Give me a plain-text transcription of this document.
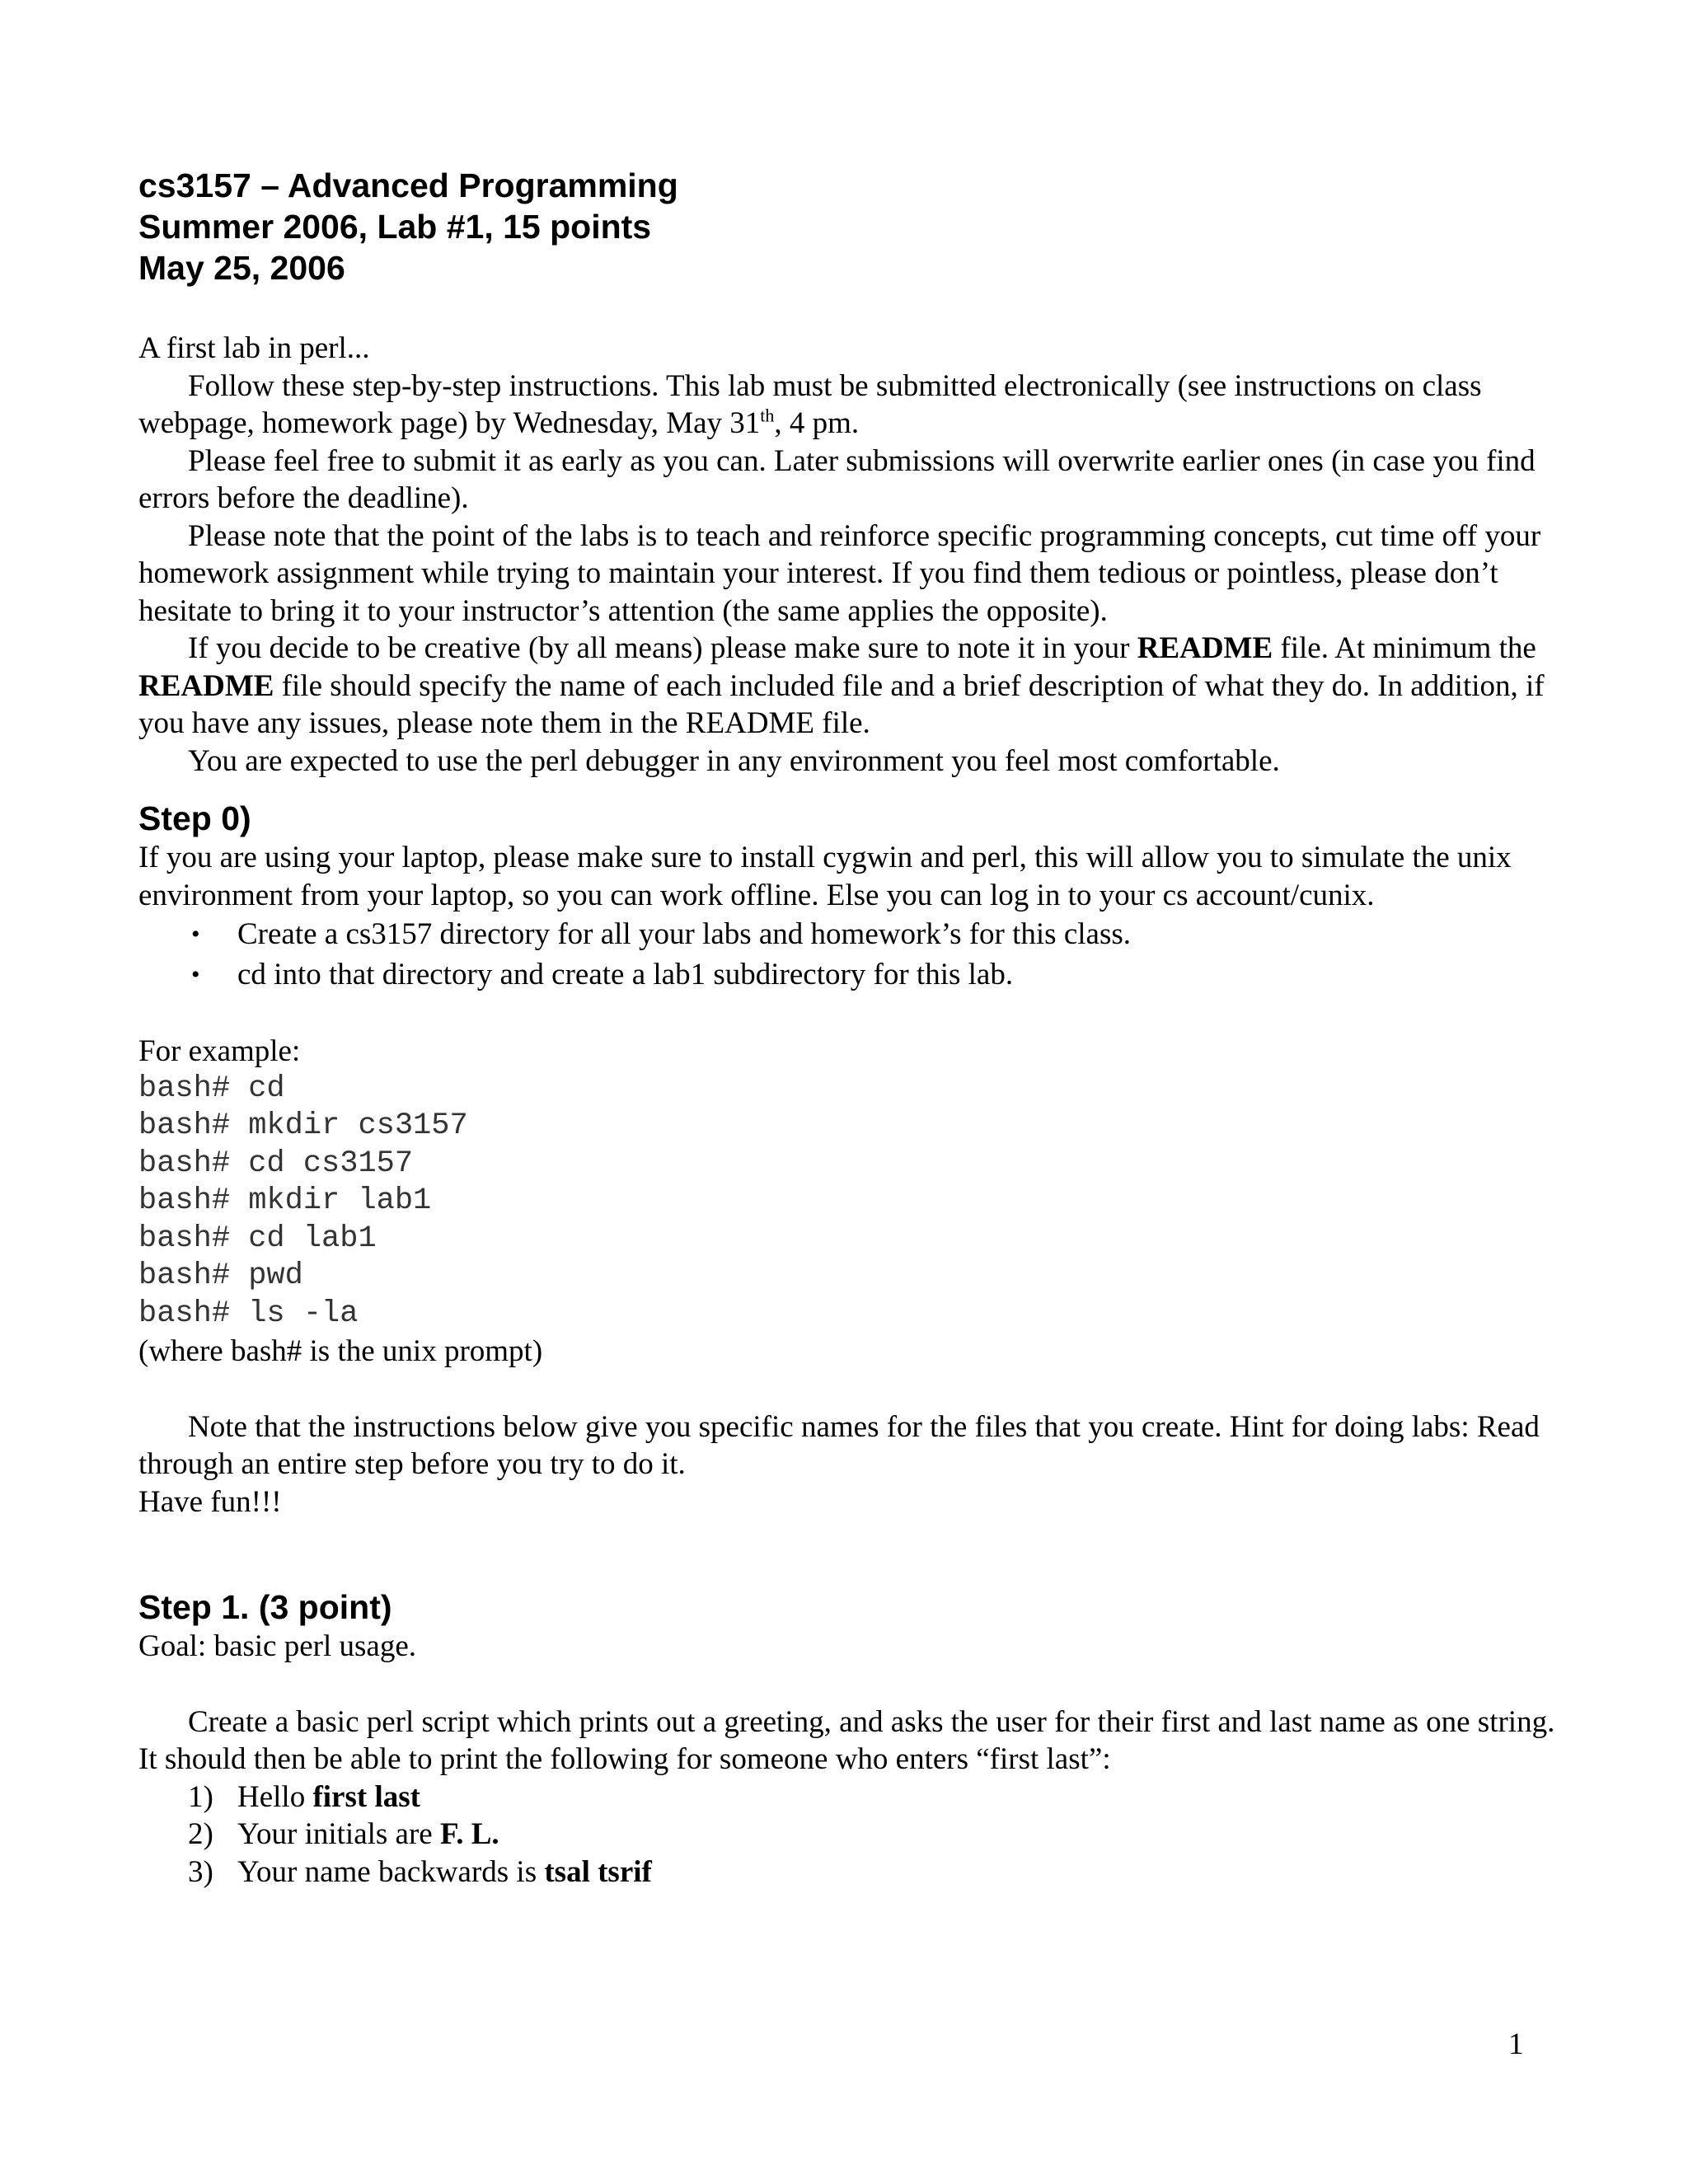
cs3157 – Advanced Programming

Summer 2006, Lab #1, 15 points

May 25, 2006

A first lab in perl...

Follow these step-by-step instructions. This lab must be submitted electronically (see instructions on class webpage, homework page) by Wednesday, May 31th, 4 pm.

Please feel free to submit it as early as you can. Later submissions will overwrite earlier ones (in case you find errors before the deadline).

Please note that the point of the labs is to teach and reinforce specific programming concepts, cut time off your homework assignment while trying to maintain your interest. If you find them tedious or pointless, please don’t hesitate to bring it to your instructor’s attention (the same applies the opposite).

If you decide to be creative (by all means) please make sure to note it in your README file. At minimum the README file should specify the name of each included file and a brief description of what they do. In addition, if you have any issues, please note them in the README file.

You are expected to use the perl debugger in any environment you feel most comfortable.

Step 0)

If you are using your laptop, please make sure to install cygwin and perl, this will allow you to simulate the unix environment from your laptop, so you can work offline. Else you can log in to your cs account/cunix.

• Create a cs3157 directory for all your labs and homework’s for this class.
• cd into that directory and create a lab1 subdirectory for this lab.

For example:

bash# cd

bash# mkdir cs3157

bash# cd cs3157

bash# mkdir lab1

bash# cd lab1

bash# pwd

bash# ls -la

(where bash# is the unix prompt)

Note that the instructions below give you specific names for the files that you create. Hint for doing labs: Read through an entire step before you try to do it.

Have fun!!!

Step 1. (3 point)

Goal: basic perl usage.

Create a basic perl script which prints out a greeting, and asks the user for their first and last name as one string. It should then be able to print the following for someone who enters “first last”:

1) Hello first last
2) Your initials are F. L.
3) Your name backwards is tsal tsrif
1
